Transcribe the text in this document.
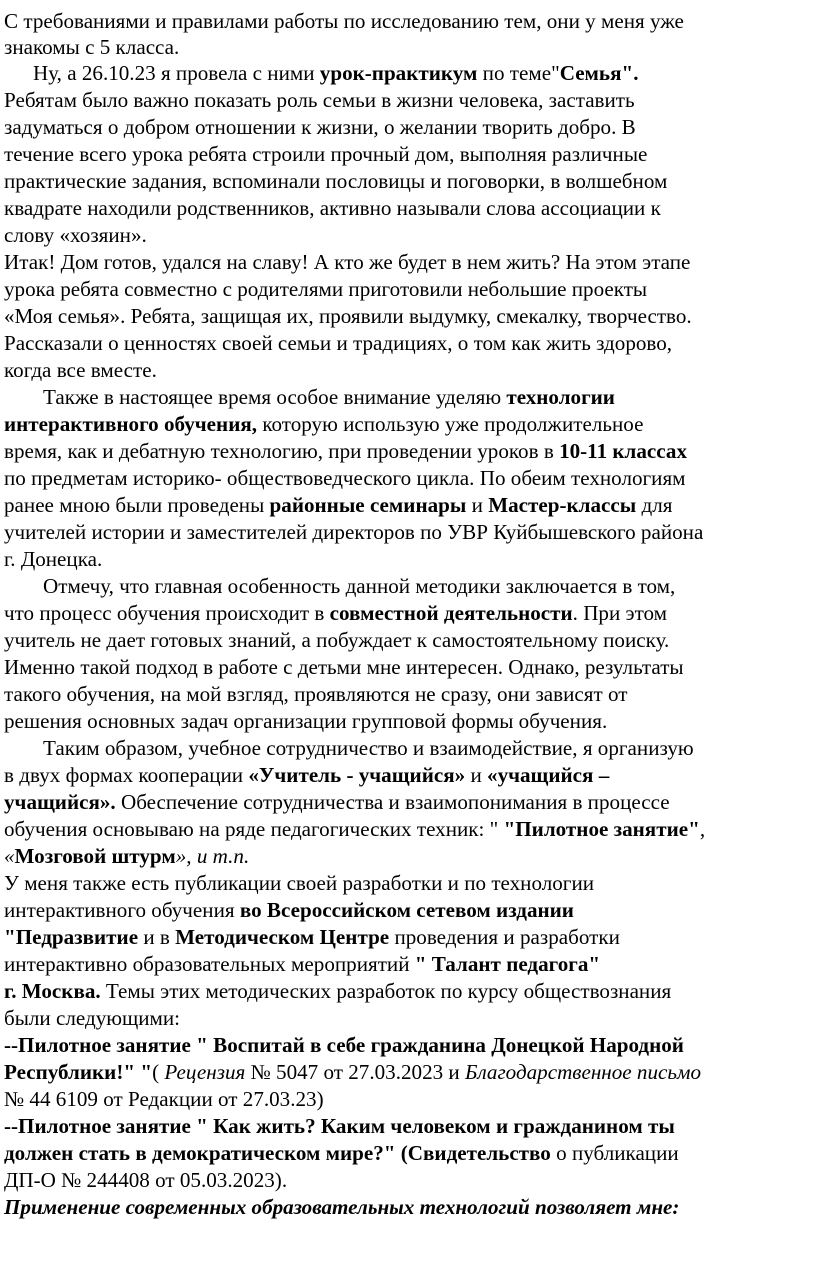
С требованиями и правилами работы по исследованию тем, они у меня уже
знакомы с 5 класса.
Ну, а 26.10.23 я провела с ними урок-практикум по теме"Семья".
Ребятам было важно показать роль семьи в жизни человека, заставить
задуматься о добром отношении к жизни, о желании творить добро. В
течение всего урока ребята строили прочный дом, выполняя различные
практические задания, вспоминали пословицы и поговорки, в волшебном
квадрате находили родственников, активно называли слова ассоциации к
слову «хозяин».
Итак! Дом готов, удался на славу! А кто же будет в нем жить? На этом этапе
урока ребята совместно с родителями приготовили небольшие проекты
«Моя семья». Ребята, защищая их, проявили выдумку, смекалку, творчество.
Рассказали о ценностях своей семьи и традициях, о том как жить здорово,
когда все вместе.
Также в настоящее время особое внимание уделяю технологии
интерактивного обучения, которую использую уже продолжительное
время, как и дебатную технологию, при проведении уроков в 10-11 классах
по предметам историко- обществоведческого цикла. По обеим технологиям
ранее мною были проведены районные семинары и Мастер-классы для
учителей истории и заместителей директоров по УВР Куйбышевского района
г. Донецка.
Отмечу, что главная особенность данной методики заключается в том,
что процесс обучения происходит в совместной деятельности. При этом
учитель не дает готовых знаний, а побуждает к самостоятельному поиску.
Именно такой подход в работе с детьми мне интересен. Однако, результаты
такого обучения, на мой взгляд, проявляются не сразу, они зависят от
решения основных задач организации групповой формы обучения.
Таким образом, учебное сотрудничество и взаимодействие, я организую
в двух формах кооперации «Учитель - учащийся» и «учащийся –
учащийся». Обеспечение сотрудничества и взаимопонимания в процессе
обучения основываю на ряде педагогических техник: " "Пилотное занятие",
«Мозговой штурм», и т.п.
У меня также есть публикации своей разработки и по технологии
интерактивного обучения во Всероссийском сетевом издании
"Педразвитие и в Методическом Центре проведения и разработки
интерактивно образовательных мероприятий " Талант педагога"
г. Москва. Темы этих методических разработок по курсу обществознания
были следующими:
--Пилотное занятие " Воспитай в себе гражданина Донецкой Народной
Республики!" "( Рецензия № 5047 от 27.03.2023 и Благодарственное письмо
№ 44 6109 от Редакции от 27.03.23)
--Пилотное занятие " Как жить? Каким человеком и гражданином ты
должен стать в демократическом мире?" (Свидетельство о публикации
ДП-О № 244408 от 05.03.2023).
Применение современных образовательных технологий позволяет мне:
